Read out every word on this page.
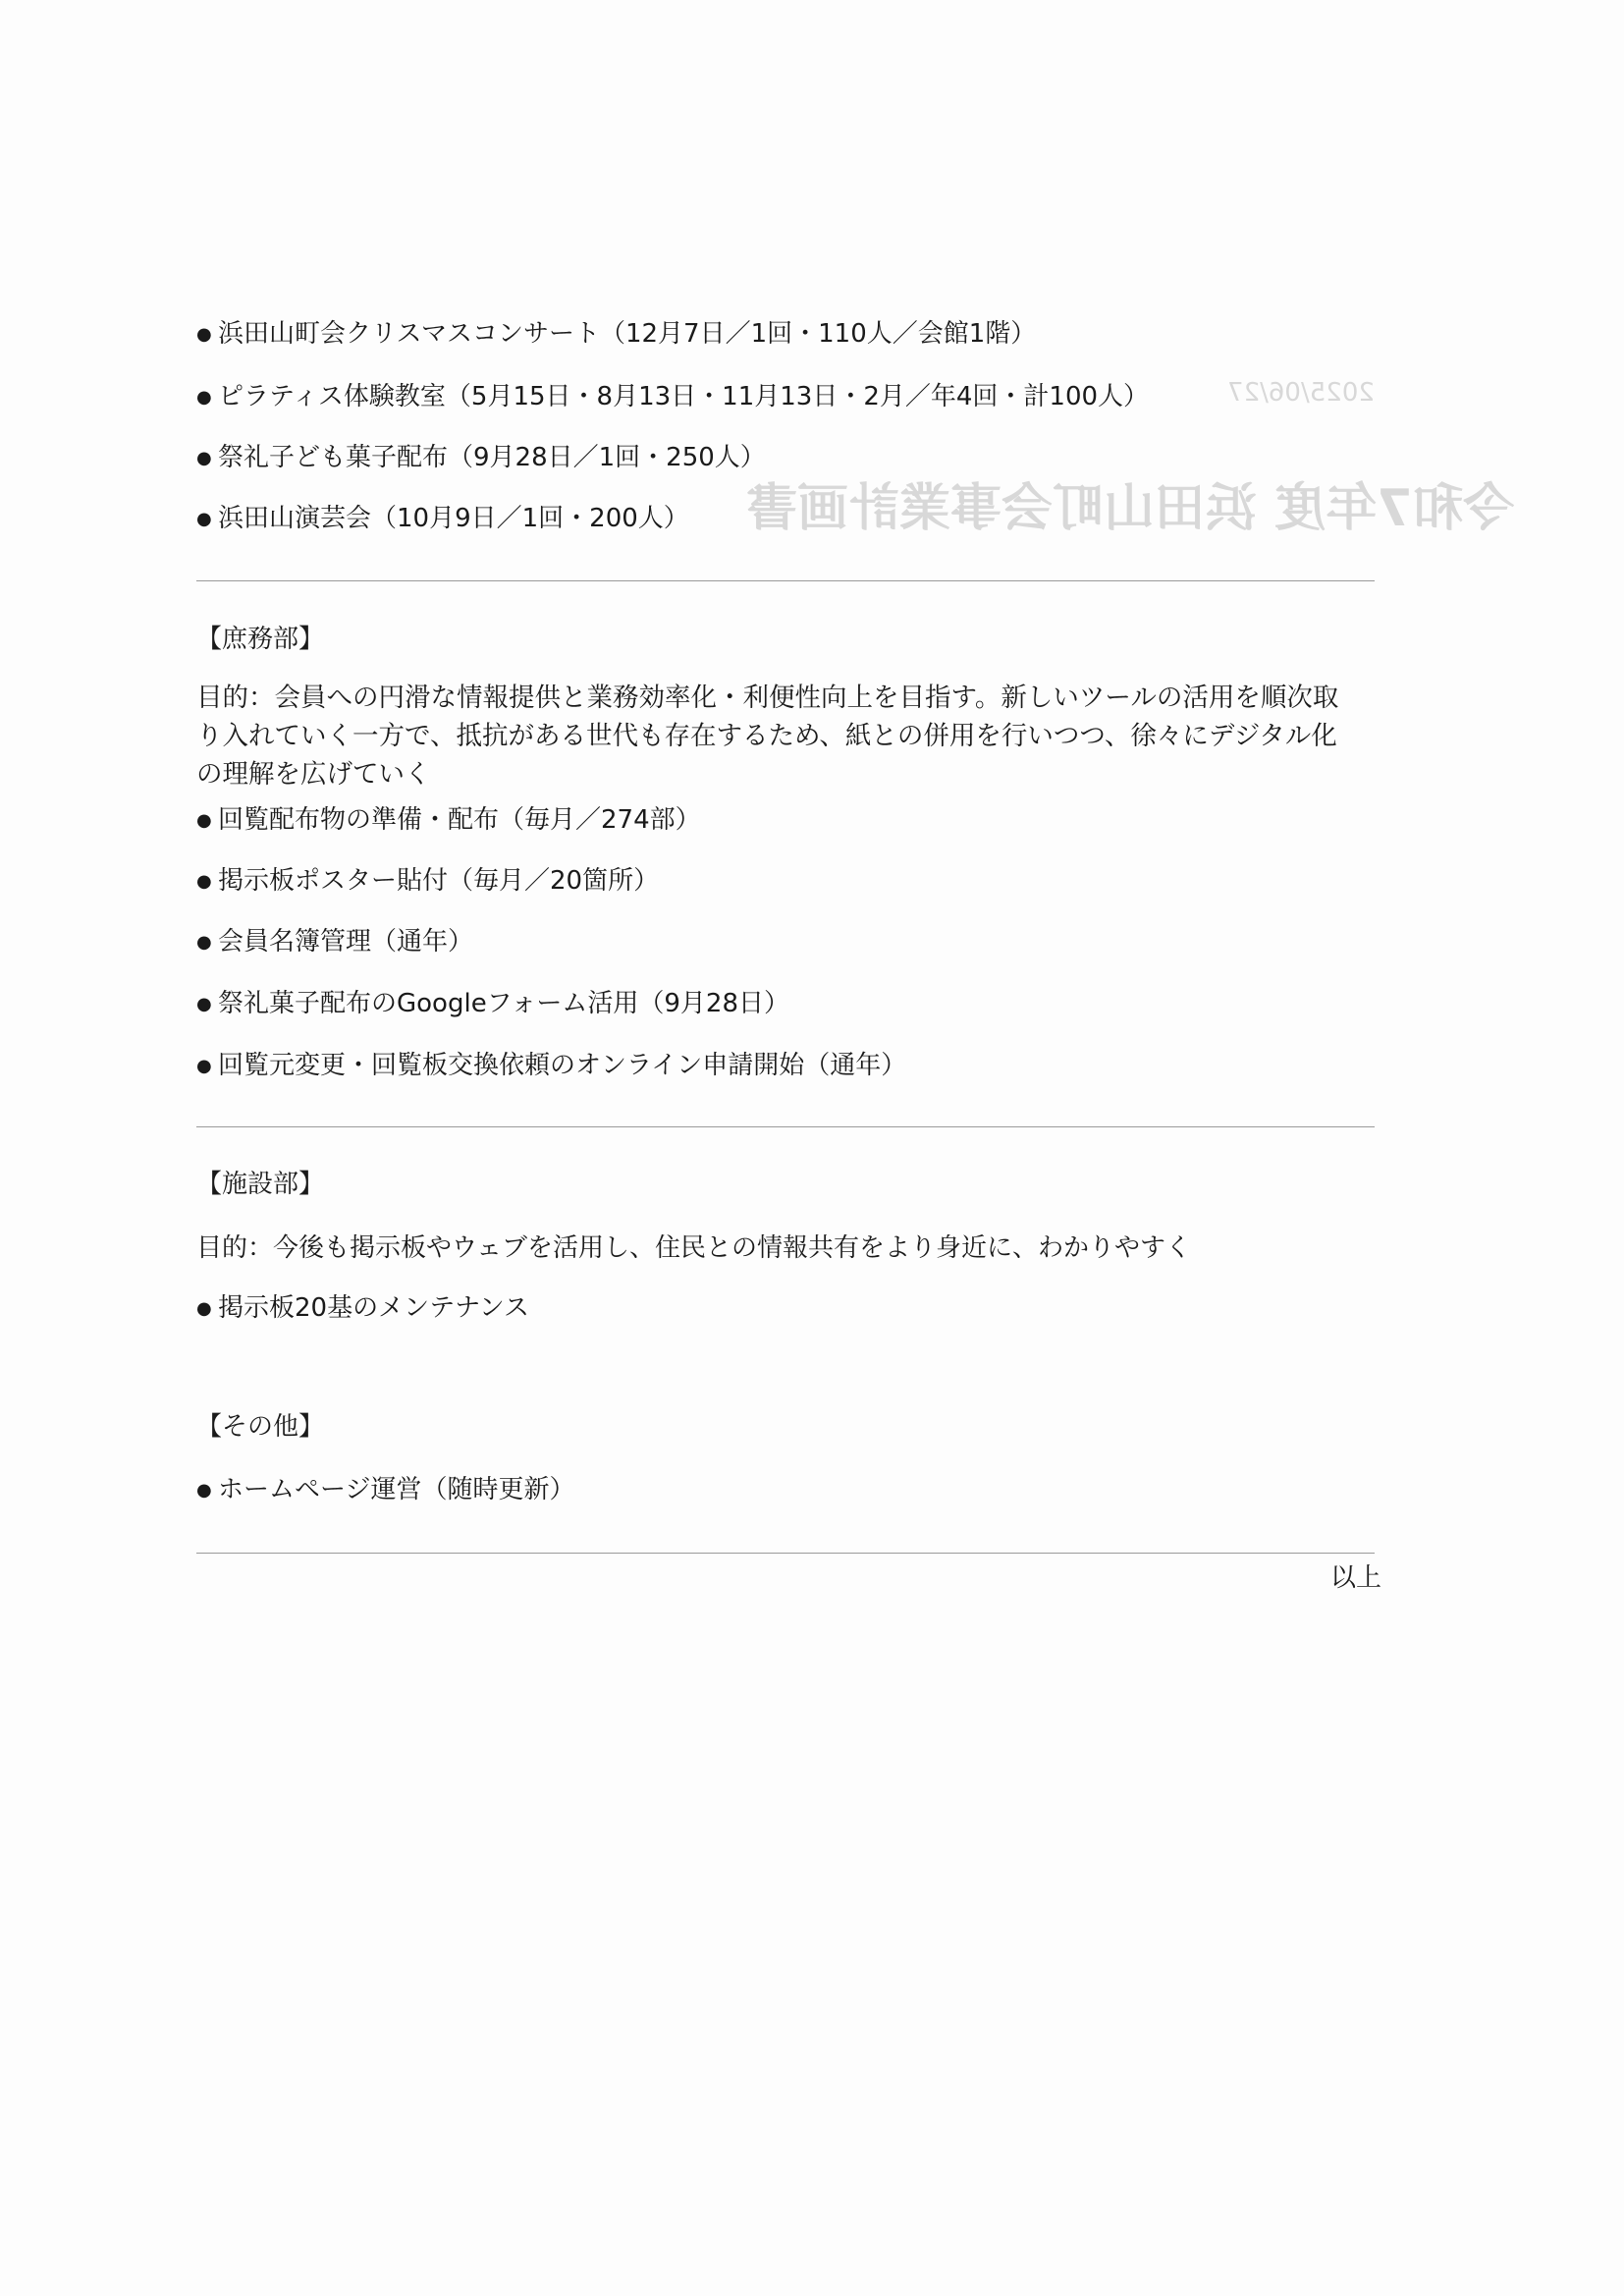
2025/06/27
令和7年度 浜田山町会事業計画書
● 浜田山町会クリスマスコンサート（12月7日／1回・110人／会館1階）
● ピラティス体験教室（5月15日・8月13日・11月13日・2月／年4回・計100人）
● 祭礼子ども菓子配布（9月28日／1回・250人）
● 浜田山演芸会（10月9日／1回・200人）
【庶務部】
目的：会員への円滑な情報提供と業務効率化・利便性向上を目指す。新しいツールの活用を順次取
り入れていく一方で、抵抗がある世代も存在するため、紙との併用を行いつつ、徐々にデジタル化
の理解を広げていく
● 回覧配布物の準備・配布（毎月／274部）
● 掲示板ポスター貼付（毎月／20箇所）
● 会員名簿管理（通年）
● 祭礼菓子配布のGoogleフォーム活用（9月28日）
● 回覧元変更・回覧板交換依頼のオンライン申請開始（通年）
【施設部】
目的：今後も掲示板やウェブを活用し、住民との情報共有をより身近に、わかりやすく
● 掲示板20基のメンテナンス
【その他】
● ホームページ運営（随時更新）
以上
